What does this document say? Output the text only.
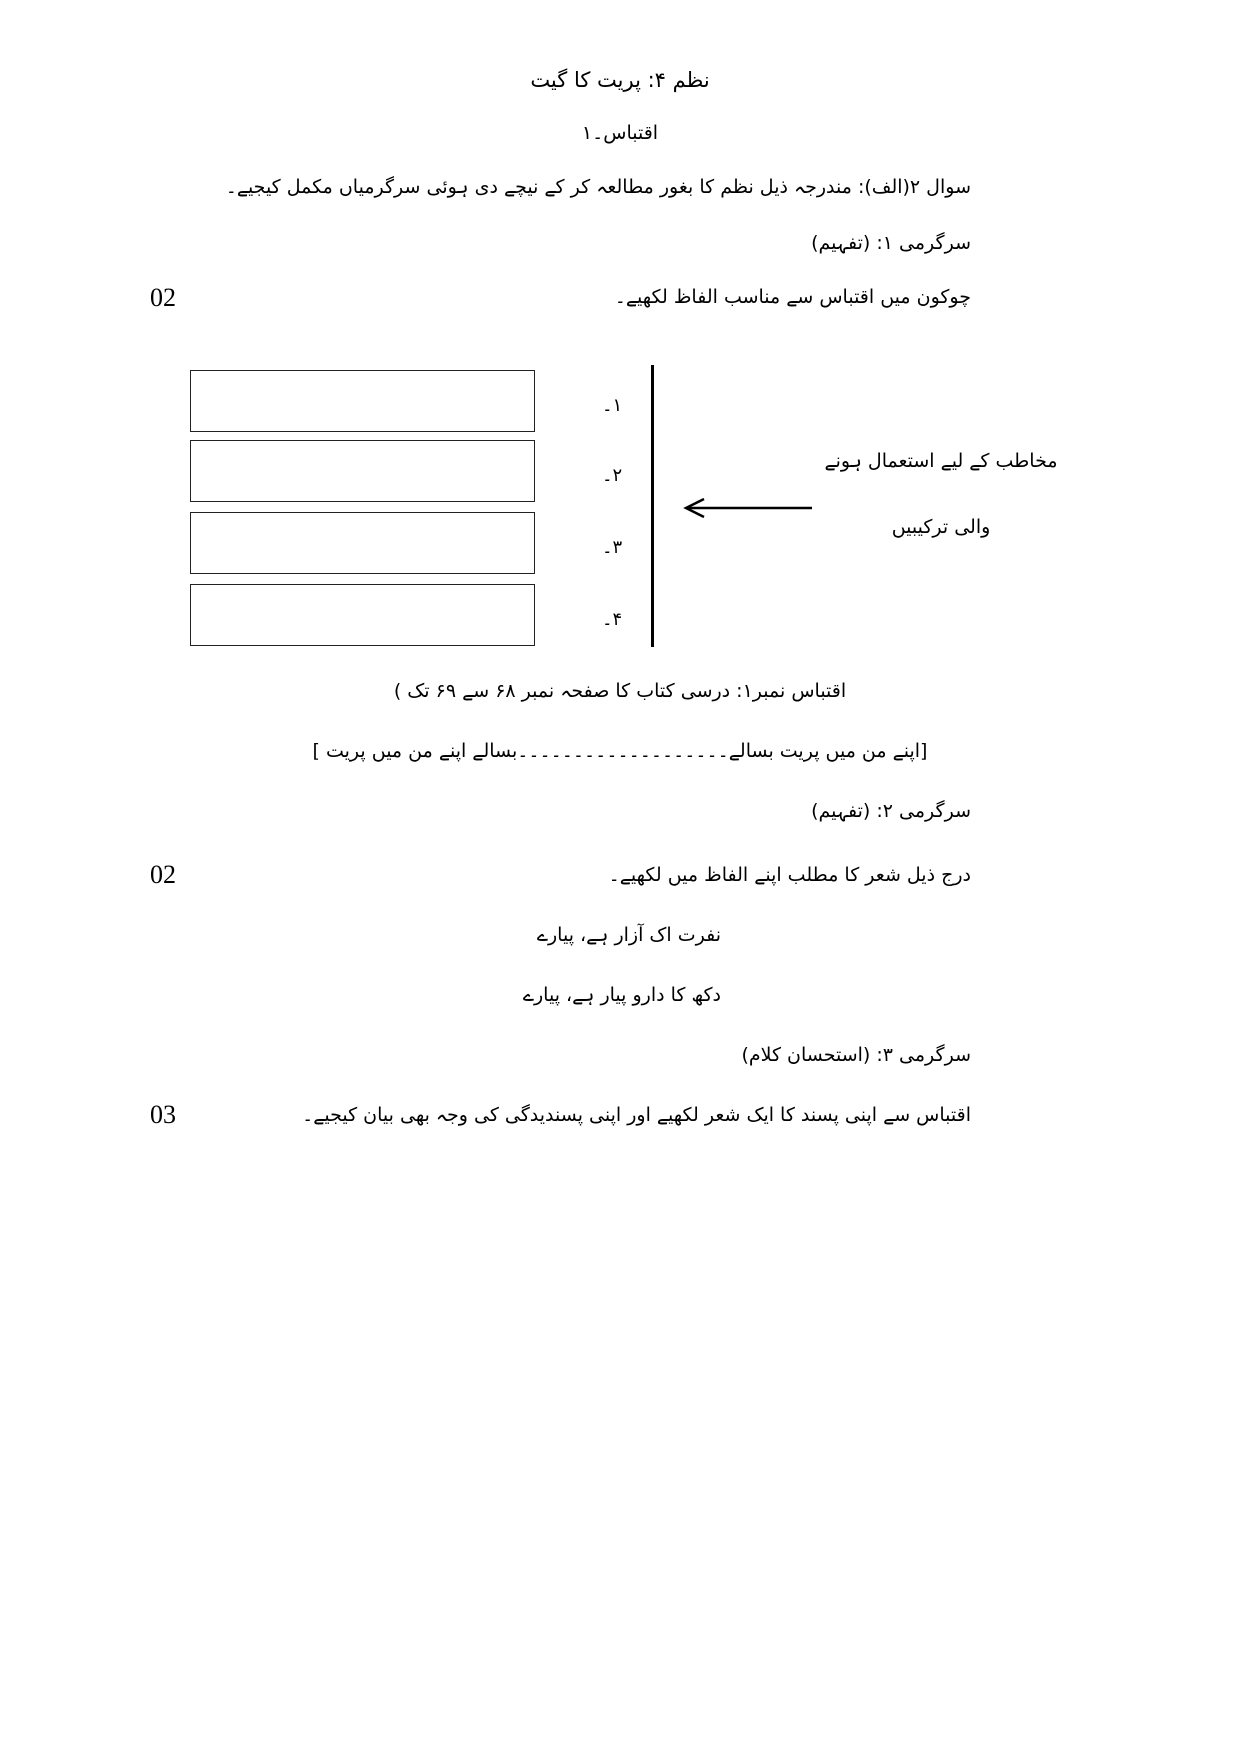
نظم ۴: پریت کا گیت
اقتباس۔۱
سوال ۲(الف): مندرجہ ذیل نظم کا بغور مطالعہ کر کے نیچے دی ہوئی سرگرمیاں مکمل کیجیے۔
سرگرمی ۱: (تفہیم)
چوکون میں اقتباس سے مناسب الفاظ لکھیے۔
02
۱۔
۲۔
۳۔
۴۔
مخاطب کے لیے استعمال ہونے
والی ترکیبیں
اقتباس نمبر۱: درسی کتاب کا صفحہ نمبر ۶۸ سے ۶۹ تک )
[اپنے من میں پریت بسالے۔۔۔۔۔۔۔۔۔۔۔۔۔۔۔۔۔۔۔بسالے اپنے من میں پریت ]
سرگرمی ۲: (تفہیم)
درج ذیل شعر کا مطلب اپنے الفاظ میں لکھیے۔
02
نفرت اک آزار ہے، پیارے
دکھ کا دارو پیار ہے، پیارے
سرگرمی ۳: (استحسان کلام)
اقتباس سے اپنی پسند کا ایک شعر لکھیے اور اپنی پسندیدگی کی وجہ بھی بیان کیجیے۔
03
